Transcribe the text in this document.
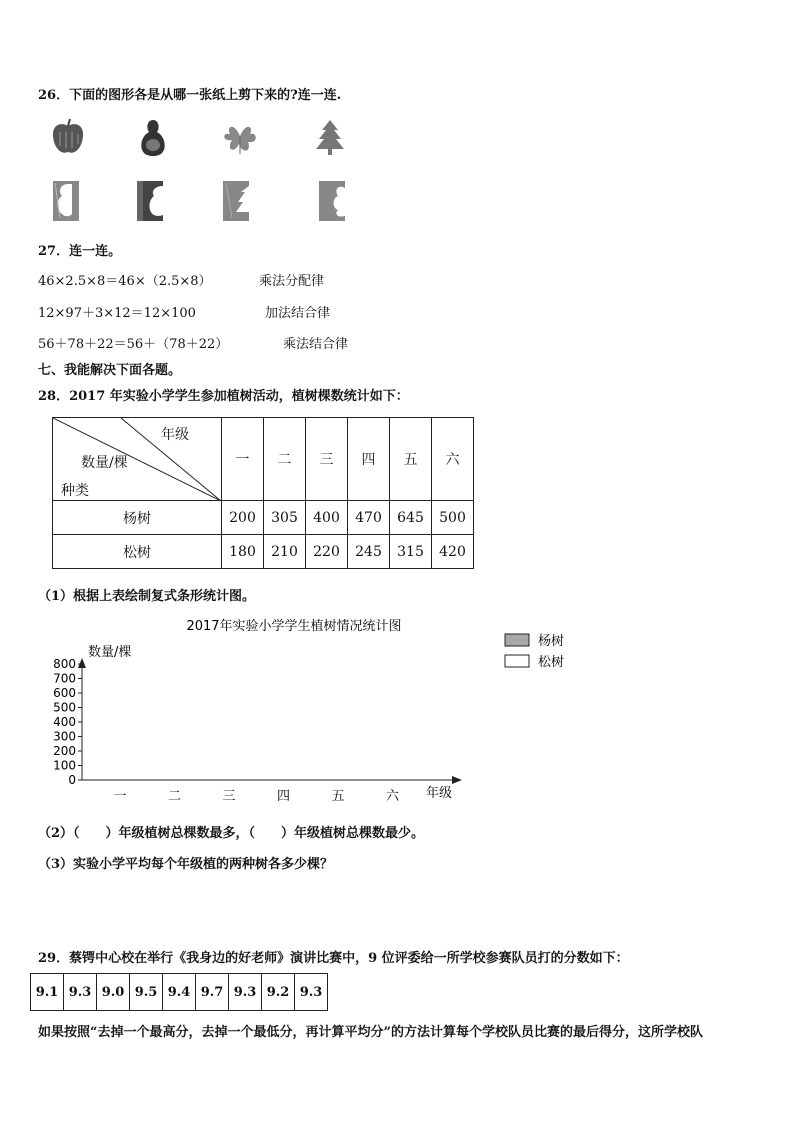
26．下面的图形各是从哪一张纸上剪下来的?连一连.
27．连一连。
46×2.5×8＝46×（2.5×8）	乘法分配律
12×97＋3×12＝12×100	加法结合律
56＋78＋22＝56＋（78＋22）	乘法结合律
七、我能解决下面各题。
28．2017 年实验小学学生参加植树活动，植树棵数统计如下：
年级
数量/棵
种类	一	二	三	四	五	六
杨树	200	305	400	470	645	500
松树	180	210	220	245	315	420
（1）根据上表绘制复式条形统计图。
2017年实验小学学生植树情况统计图
数量/棵
0
100
200
300
400
500
600
700
800
一	二	三	四	五	六 年级
杨树
松树
（2）（　　）年级植树总棵数最多，（　　）年级植树总棵数最少。
（3）实验小学平均每个年级植的两种树各多少棵？
29．蔡锷中心校在举行《我身边的好老师》演讲比赛中，9 位评委给一所学校参赛队员打的分数如下：
9.1	9.3	9.0	9.5	9.4	9.7	9.3	9.2	9.3
如果按照“去掉一个最高分，去掉一个最低分，再计算平均分”的方法计算每个学校队员比赛的最后得分，这所学校队
